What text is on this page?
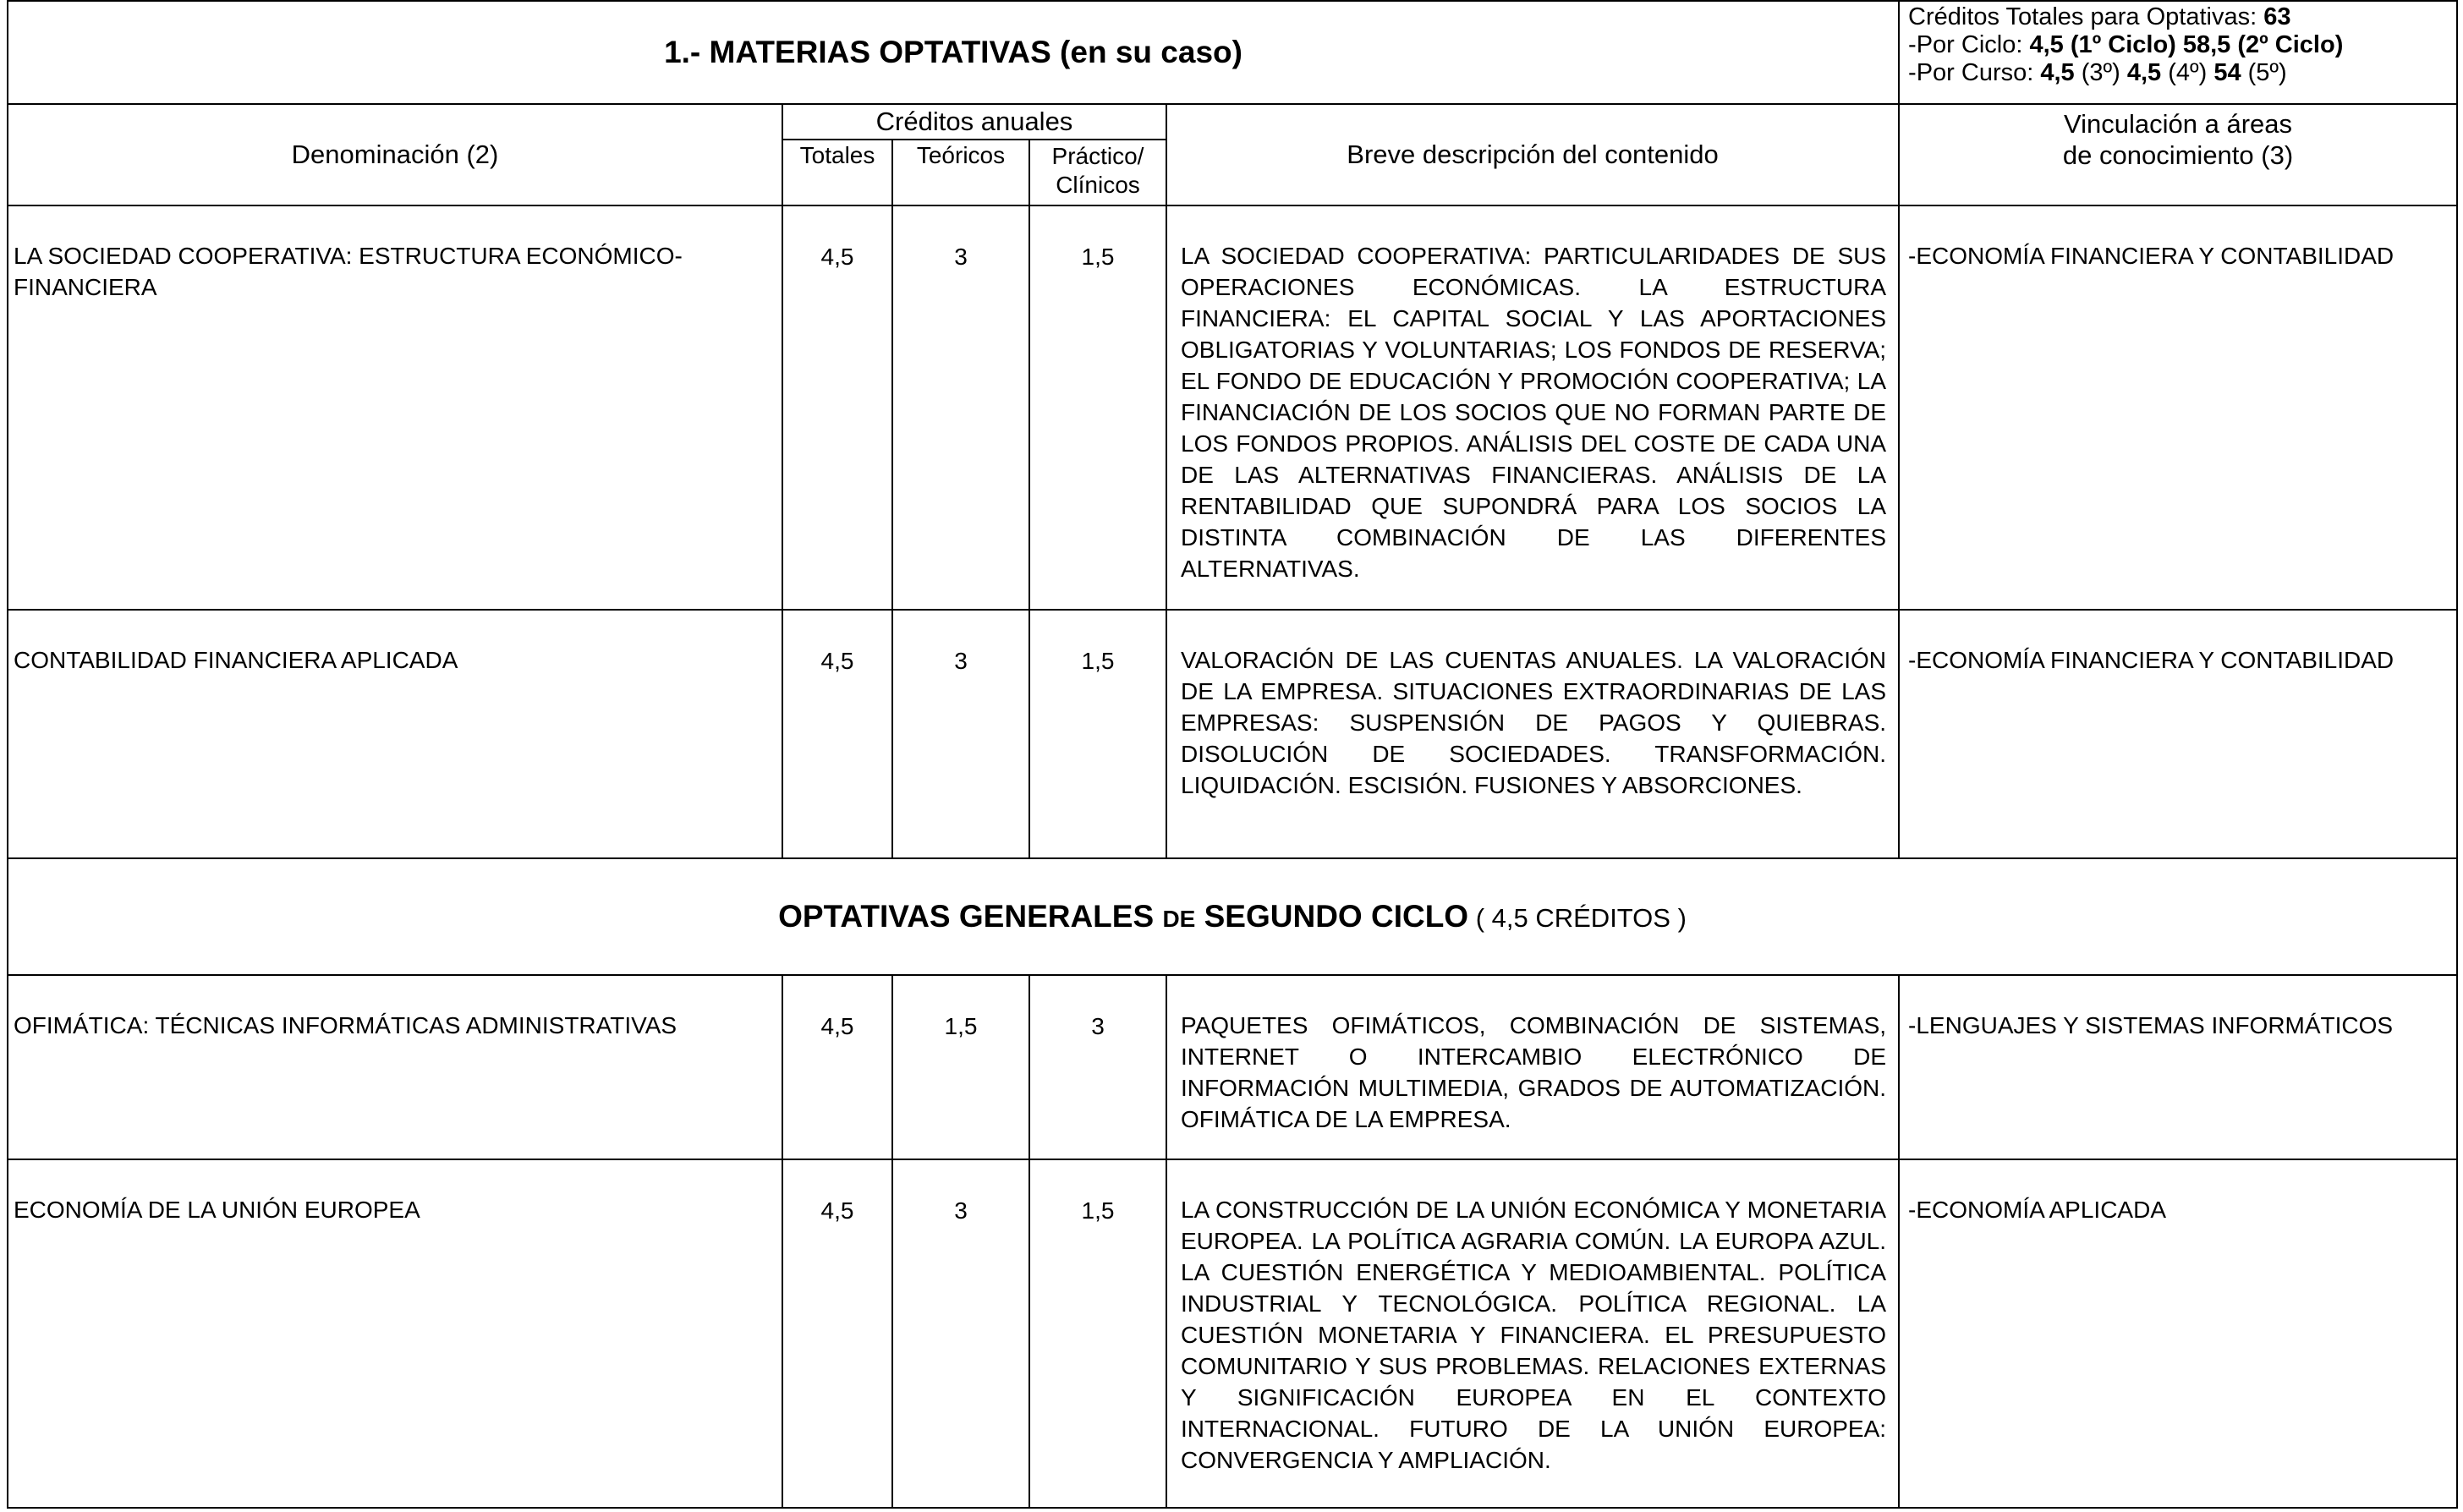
1.- MATERIAS OPTATIVAS (en su caso)					Créditos Totales para Optativas: 63
-Por Ciclo: 4,5 (1º Ciclo) 58,5 (2º Ciclo)
-Por Curso: 4,5 (3º) 4,5 (4º) 54 (5º)

Denominación (2)	Créditos anuales			Breve descripción del contenido	Vinculación a áreas
de conocimiento (3)

	Totales	Teóricos	Práctico/
Clínicos		

LA SOCIEDAD COOPERATIVA: ESTRUCTURA ECONÓMICO-FINANCIERA	4,5	3	1,5	LA SOCIEDAD COOPERATIVA: PARTICULARIDADES DE SUS OPERACIONES ECONÓMICAS. LA ESTRUCTURA FINANCIERA: EL CAPITAL SOCIAL Y LAS APORTACIONES OBLIGATORIAS Y VOLUNTARIAS; LOS FONDOS DE RESERVA; EL FONDO DE EDUCACIÓN Y PROMOCIÓN COOPERATIVA; LA FINANCIACIÓN DE LOS SOCIOS QUE NO FORMAN PARTE DE LOS FONDOS PROPIOS. ANÁLISIS DEL COSTE DE CADA UNA DE LAS ALTERNATIVAS FINANCIERAS. ANÁLISIS DE LA RENTABILIDAD QUE SUPONDRÁ PARA LOS SOCIOS LA DISTINTA COMBINACIÓN DE LAS DIFERENTES ALTERNATIVAS.	-ECONOMÍA FINANCIERA Y CONTABILIDAD
CONTABILIDAD FINANCIERA APLICADA	4,5	3	1,5	VALORACIÓN DE LAS CUENTAS ANUALES. LA VALORACIÓN DE LA EMPRESA. SITUACIONES EXTRAORDINARIAS DE LAS EMPRESAS: SUSPENSIÓN DE PAGOS Y QUIEBRAS. DISOLUCIÓN DE SOCIEDADES. TRANSFORMACIÓN. LIQUIDACIÓN. ESCISIÓN. FUSIONES Y ABSORCIONES.	-ECONOMÍA FINANCIERA Y CONTABILIDAD
OPTATIVAS GENERALES DE SEGUNDO CICLO ( 4,5 CRÉDITOS )					
OFIMÁTICA: TÉCNICAS INFORMÁTICAS ADMINISTRATIVAS	4,5	1,5	3	PAQUETES OFIMÁTICOS, COMBINACIÓN DE SISTEMAS, INTERNET O INTERCAMBIO ELECTRÓNICO DE INFORMACIÓN MULTIMEDIA, GRADOS DE AUTOMATIZACIÓN. OFIMÁTICA DE LA EMPRESA.	-LENGUAJES Y SISTEMAS INFORMÁTICOS
ECONOMÍA DE LA UNIÓN EUROPEA	4,5	3	1,5	LA CONSTRUCCIÓN DE LA UNIÓN ECONÓMICA Y MONETARIA EUROPEA. LA POLÍTICA AGRARIA COMÚN. LA EUROPA AZUL. LA CUESTIÓN ENERGÉTICA Y MEDIOAMBIENTAL. POLÍTICA INDUSTRIAL Y TECNOLÓGICA. POLÍTICA REGIONAL. LA CUESTIÓN MONETARIA Y FINANCIERA. EL PRESUPUESTO COMUNITARIO Y SUS PROBLEMAS. RELACIONES EXTERNAS Y SIGNIFICACIÓN EUROPEA EN EL CONTEXTO INTERNACIONAL. FUTURO DE LA UNIÓN EUROPEA: CONVERGENCIA Y AMPLIACIÓN.	-ECONOMÍA APLICADA
